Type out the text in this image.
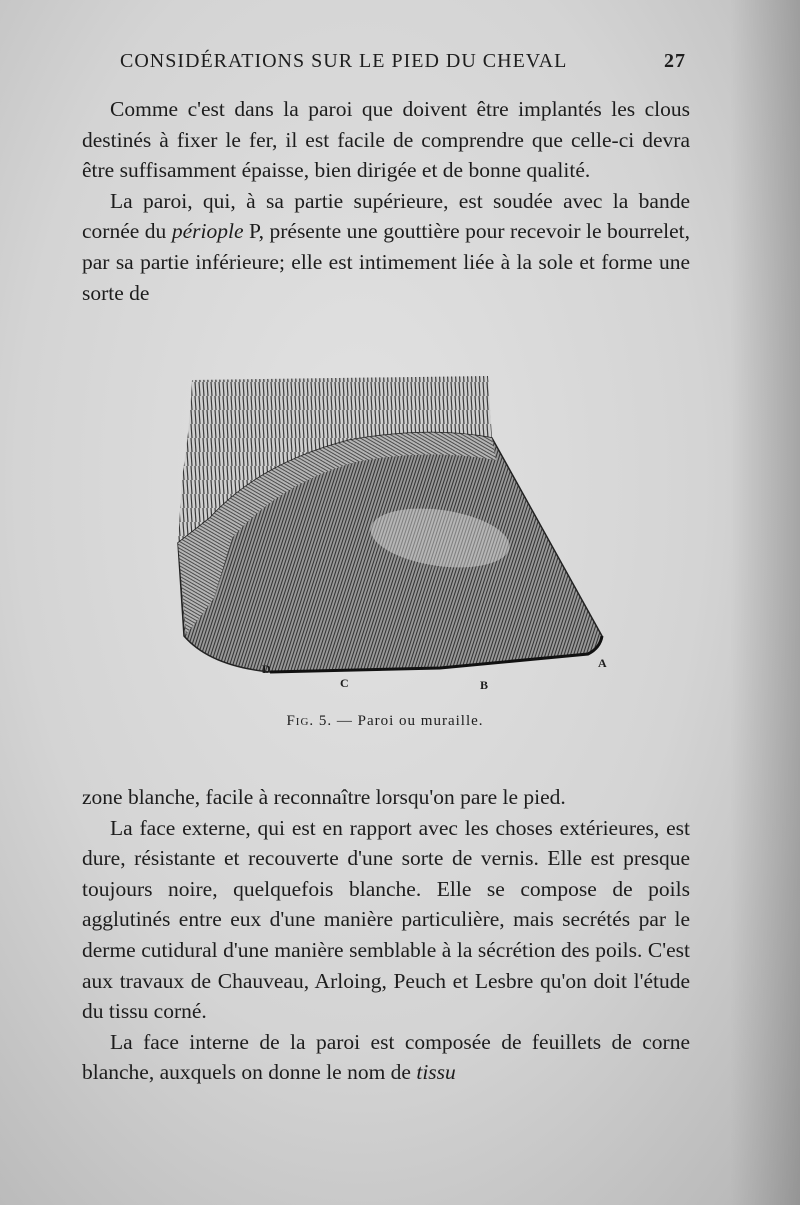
CONSIDÉRATIONS SUR LE PIED DU CHEVAL	27

Comme c'est dans la paroi que doivent être implantés les clous destinés à fixer le fer, il est facile de comprendre que celle-ci devra être suffisamment épaisse, bien dirigée et de bonne qualité.

La paroi, qui, à sa partie supérieure, est soudée avec la bande cornée du périople P, présente une gouttière pour recevoir le bourrelet, par sa partie inférieure; elle est intimement liée à la sole et forme une sorte de

D
C	B
A
Fig. 5. — Paroi ou muraille.

zone blanche, facile à reconnaître lorsqu'on pare le pied.

La face externe, qui est en rapport avec les choses extérieures, est dure, résistante et recouverte d'une sorte de vernis. Elle est presque toujours noire, quelquefois blanche. Elle se compose de poils agglutinés entre eux d'une manière particulière, mais secrétés par le derme cutidural d'une manière semblable à la sécrétion des poils. C'est aux travaux de Chauveau, Arloing, Peuch et Lesbre qu'on doit l'étude du tissu corné.

La face interne de la paroi est composée de feuillets de corne blanche, auxquels on donne le nom de tissu
